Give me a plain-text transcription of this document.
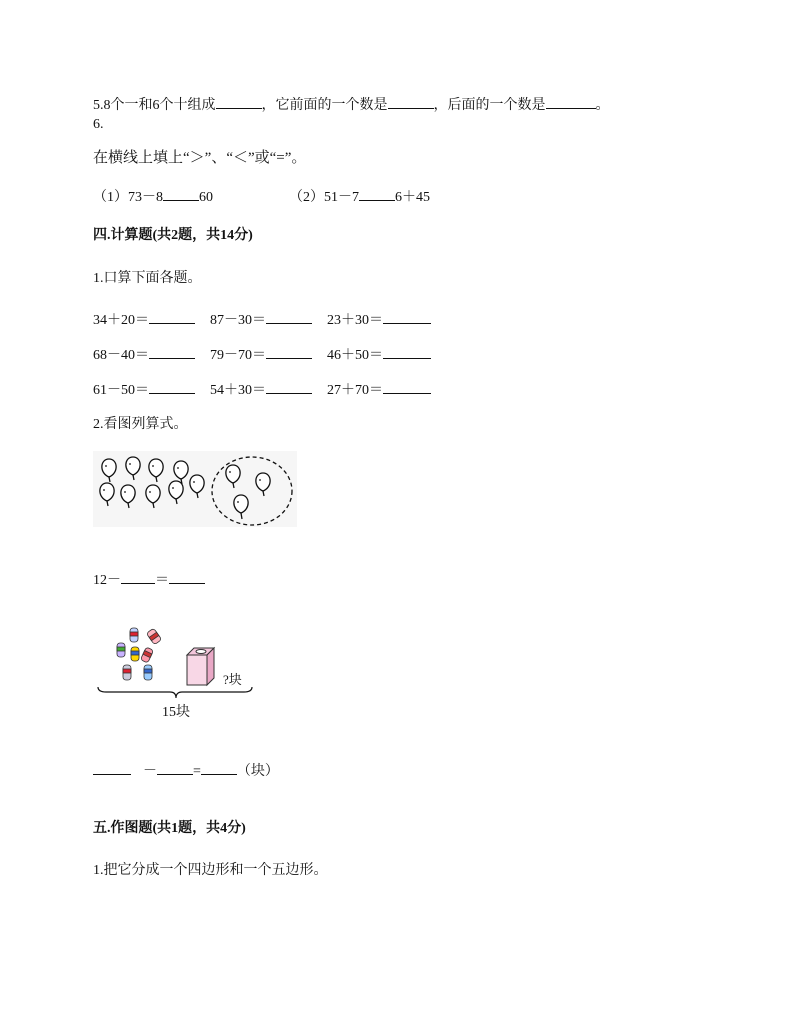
5.8个一和6个十组成	，它前面的一个数是	，后面的一个数是	。
6.
在横线上填上“＞”、“＜”或“=”。
（1）73－8	60	（2）51－7	6＋45
四.计算题(共2题，共14分)
1.口算下面各题。
34＋20＝	87－30＝	23＋30＝
68－40＝	79－70＝	46＋50＝
61－50＝	54＋30＝	27＋70＝
2.看图列算式。
12－ ＝
?块
15块
－	=	（块）
五.作图题(共1题，共4分)
1.把它分成一个四边形和一个五边形。
